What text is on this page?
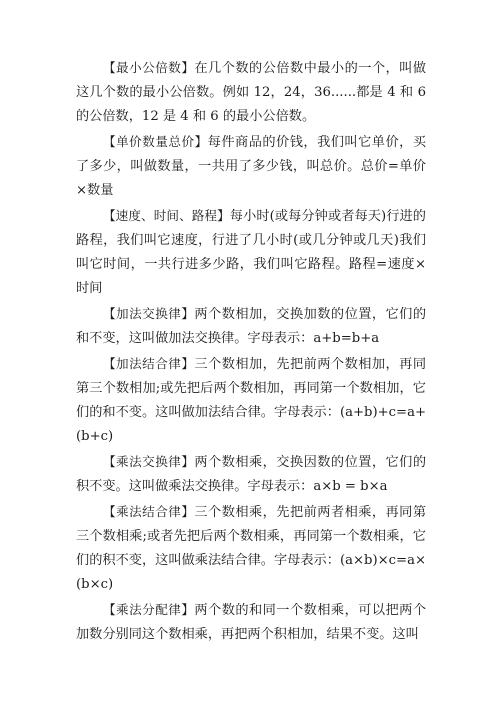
【最小公倍数】在几个数的公倍数中最小的一个，叫做这几个数的最小公倍数。例如 12，24，36......都是 4 和 6 的公倍数，12 是 4 和 6 的最小公倍数。

【单价数量总价】每件商品的价钱，我们叫它单价，买了多少，叫做数量，一共用了多少钱，叫总价。总价=单价×数量

【速度、时间、路程】每小时(或每分钟或者每天)行进的路程，我们叫它速度，行进了几小时(或几分钟或几天)我们叫它时间，一共行进多少路，我们叫它路程。路程=速度×时间

【加法交换律】两个数相加，交换加数的位置，它们的和不变，这叫做加法交换律。字母表示：a+b=b+a

【加法结合律】三个数相加，先把前两个数相加，再同第三个数相加;或先把后两个数相加，再同第一个数相加，它们的和不变。这叫做加法结合律。字母表示：(a+b)+c=a+(b+c)

【乘法交换律】两个数相乘，交换因数的位置，它们的积不变。这叫做乘法交换律。字母表示：a×b = b×a

【乘法结合律】三个数相乘，先把前两者相乘，再同第三个数相乘;或者先把后两个数相乘，再同第一个数相乘，它们的积不变，这叫做乘法结合律。字母表示：(a×b)×c=a×(b×c)

【乘法分配律】两个数的和同一个数相乘，可以把两个加数分别同这个数相乘，再把两个积相加，结果不变。这叫
